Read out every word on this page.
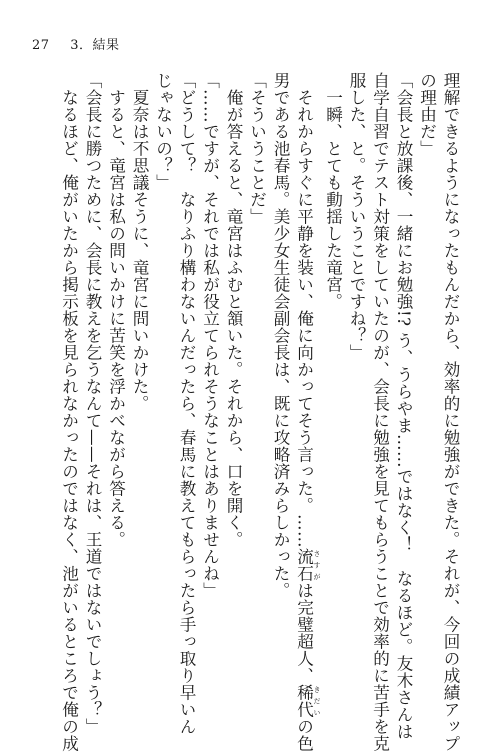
27 3．結果
理解できるようになったもんだから、効率的に勉強ができた。それが、今回の成績アップ
の理由だ」
「会長と放課後、一緒にお勉強!? う、うらやま……ではなく！　なるほど。友木さんは
自学自習でテスト対策をしていたのが、会長に勉強を見てもらうことで効率的に苦手を克
服した、と。そういうことですね？」
　一瞬、とても動揺した竜宮。
　それからすぐに平静を装い、俺に向かってそう言った。……流石 さすがは完璧超人、稀代 きだいの色
男である池春馬。美少女生徒会副会長は、既に攻略済みらしかった。
「そういうことだ」
　俺が答えると、竜宮はふむと頷いた。それから、口を開く。
「……ですが、それでは私が役立てられそうなことはありませんね」
「どうして？　なりふり構わないんだったら、春馬に教えてもらったら手っ取り早いん
じゃないの？」
　夏奈は不思議そうに、竜宮に問いかけた。
　すると、竜宮は私の問いかけに苦笑を浮かべながら答える。
「会長に勝つために、会長に教えを乞うなんて——それは、王道ではないでしょう？」
　なるほど、俺がいたから掲示板を見られなかったのではなく、池がいるところで俺の成
